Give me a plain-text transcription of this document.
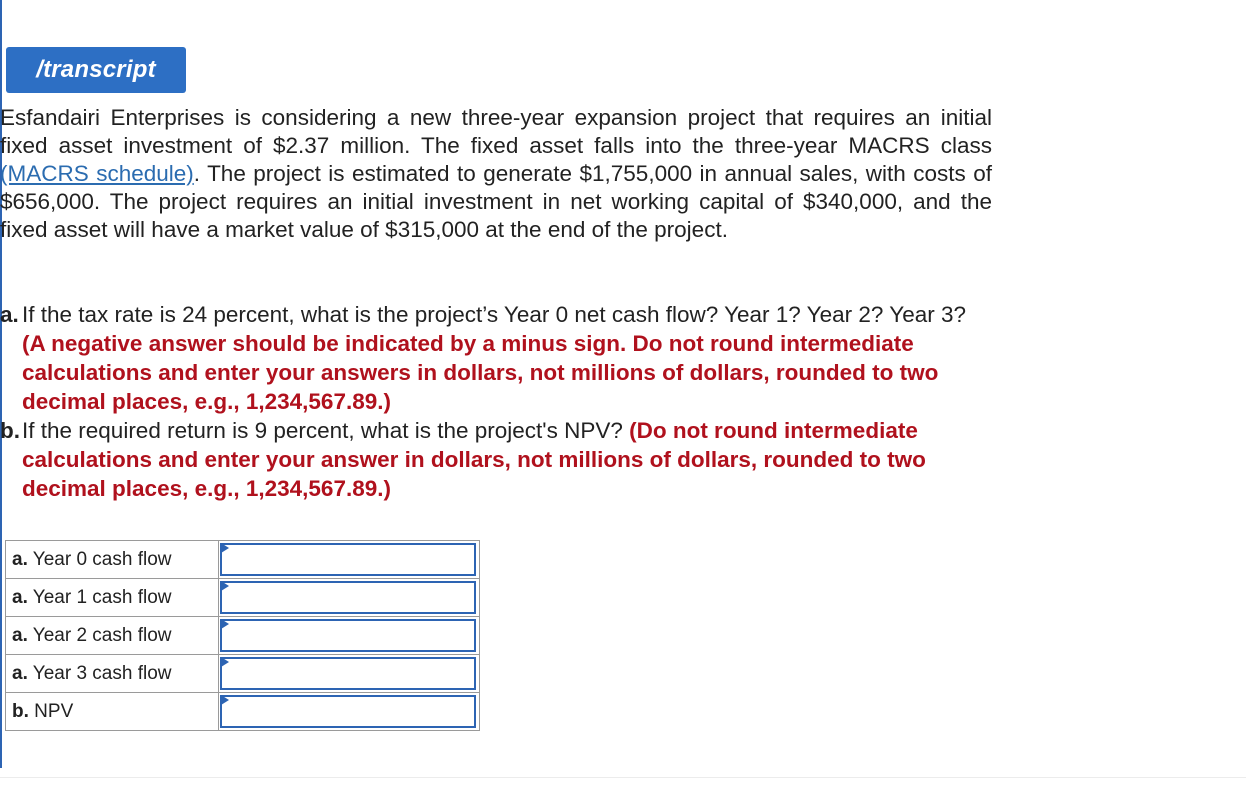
/transcript
Esfandairi Enterprises is considering a new three-year expansion project that requires an initial fixed asset investment of $2.37 million. The fixed asset falls into the three-year MACRS class (MACRS schedule). The project is estimated to generate $1,755,000 in annual sales, with costs of $656,000. The project requires an initial investment in net working capital of $340,000, and the fixed asset will have a market value of $315,000 at the end of the project.
a. If the tax rate is 24 percent, what is the project’s Year 0 net cash flow? Year 1? Year 2? Year 3? (A negative answer should be indicated by a minus sign. Do not round intermediate calculations and enter your answers in dollars, not millions of dollars, rounded to two decimal places, e.g., 1,234,567.89.)
b. If the required return is 9 percent, what is the project's NPV? (Do not round intermediate calculations and enter your answer in dollars, not millions of dollars, rounded to two decimal places, e.g., 1,234,567.89.)
a. Year 0 cash flow	

a. Year 1 cash flow	

a. Year 2 cash flow	

a. Year 3 cash flow	

b. NPV	
